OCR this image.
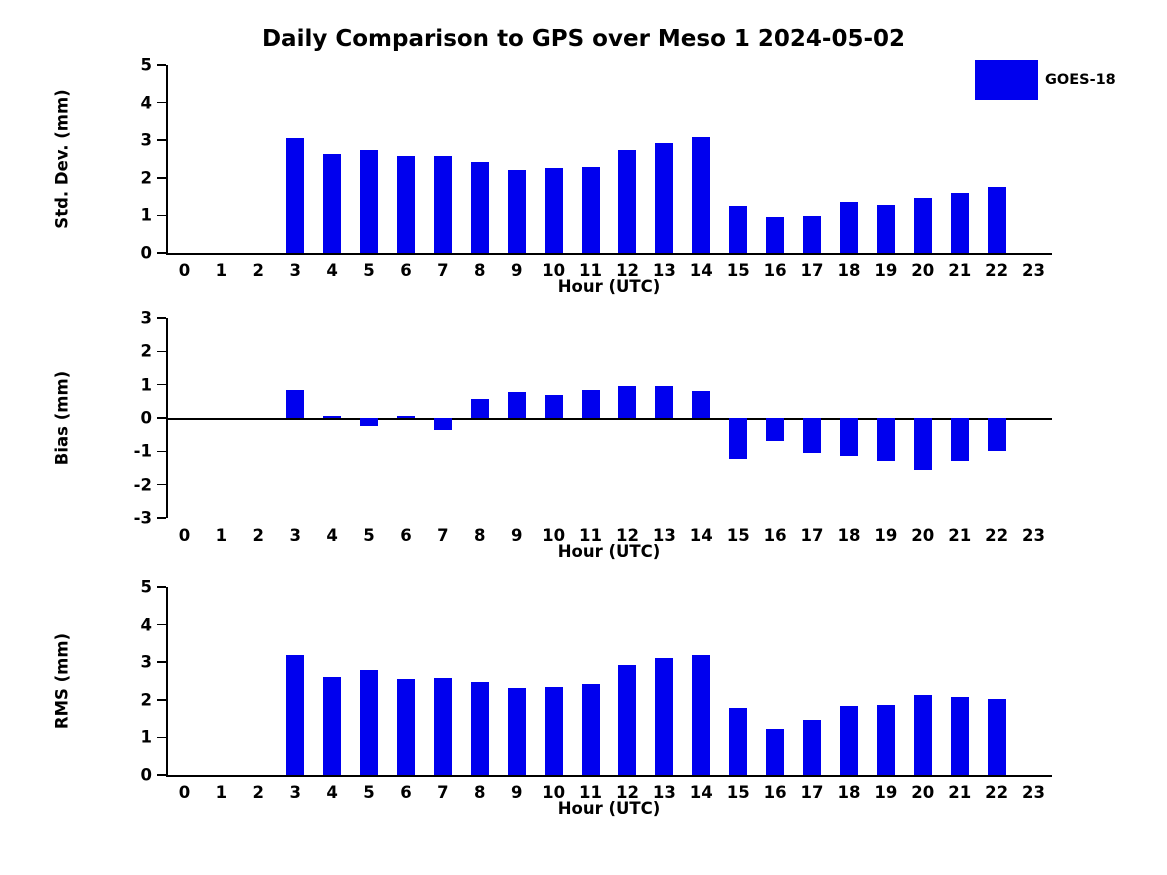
Daily Comparison to GPS over Meso 1 2024-05-02
GOES-18
0
1
2
3
4
5
0 1 2 3 4 5 6 7 8 9 10 11 12 13 14 15 16 17 18 19 20 21 22 23
Std. Dev. (mm)
Hour (UTC)
-3
-2
-1
0
1
2
3
0 1 2 3 4 5 6 7 8 9 10 11 12 13 14 15 16 17 18 19 20 21 22 23
Bias (mm)
Hour (UTC)
0
1
2
3
4
5
0 1 2 3 4 5 6 7 8 9 10 11 12 13 14 15 16 17 18 19 20 21 22 23
RMS (mm)
Hour (UTC)
